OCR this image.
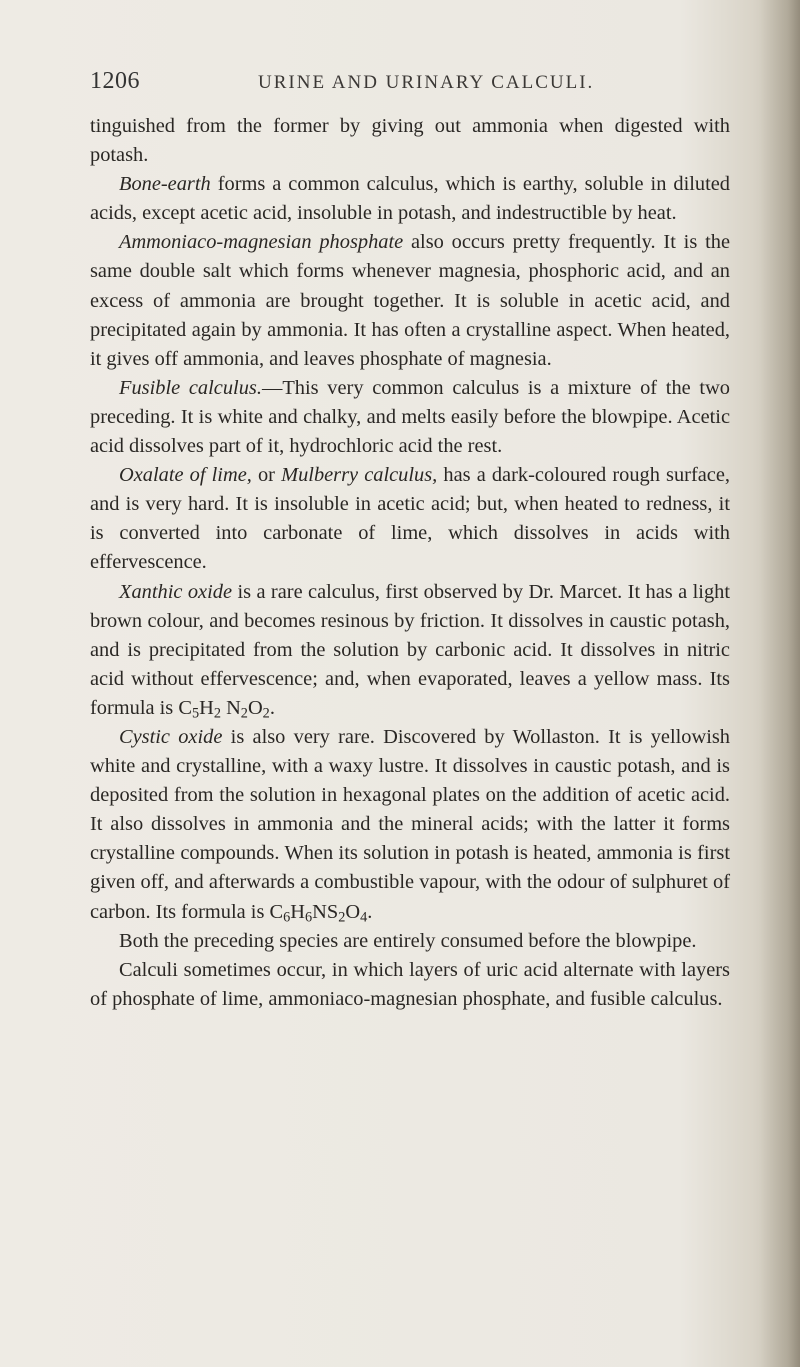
1206	URINE AND URINARY CALCULI.

tinguished from the former by giving out ammonia when digested with potash.

Bone-earth forms a common calculus, which is earthy, soluble in diluted acids, except acetic acid, insoluble in potash, and indestructible by heat.

Ammoniaco-magnesian phosphate also occurs pretty frequently. It is the same double salt which forms whenever magnesia, phosphoric acid, and an excess of ammonia are brought together. It is soluble in acetic acid, and precipitated again by ammonia. It has often a crystalline aspect. When heated, it gives off ammonia, and leaves phosphate of magnesia.

Fusible calculus.—This very common calculus is a mixture of the two preceding. It is white and chalky, and melts easily before the blowpipe. Acetic acid dissolves part of it, hydrochloric acid the rest.

Oxalate of lime, or Mulberry calculus, has a dark-coloured rough surface, and is very hard. It is insoluble in acetic acid; but, when heated to redness, it is converted into carbonate of lime, which dissolves in acids with effervescence.

Xanthic oxide is a rare calculus, first observed by Dr. Marcet. It has a light brown colour, and becomes resinous by friction. It dissolves in caustic potash, and is precipitated from the solution by carbonic acid. It dissolves in nitric acid without effervescence; and, when evaporated, leaves a yellow mass. Its formula is $C_5H_2$ $N_2O_2$.

Cystic oxide is also very rare. Discovered by Wollaston. It is yellowish white and crystalline, with a waxy lustre. It dissolves in caustic potash, and is deposited from the solution in hexagonal plates on the addition of acetic acid. It also dissolves in ammonia and the mineral acids; with the latter it forms crystalline compounds. When its solution in potash is heated, ammonia is first given off, and afterwards a combustible vapour, with the odour of sulphuret of carbon. Its formula is $C_6H_6NS_2O_4$.

Both the preceding species are entirely consumed before the blowpipe.

Calculi sometimes occur, in which layers of uric acid alternate with layers of phosphate of lime, ammoniaco-magnesian phosphate, and fusible calculus.
